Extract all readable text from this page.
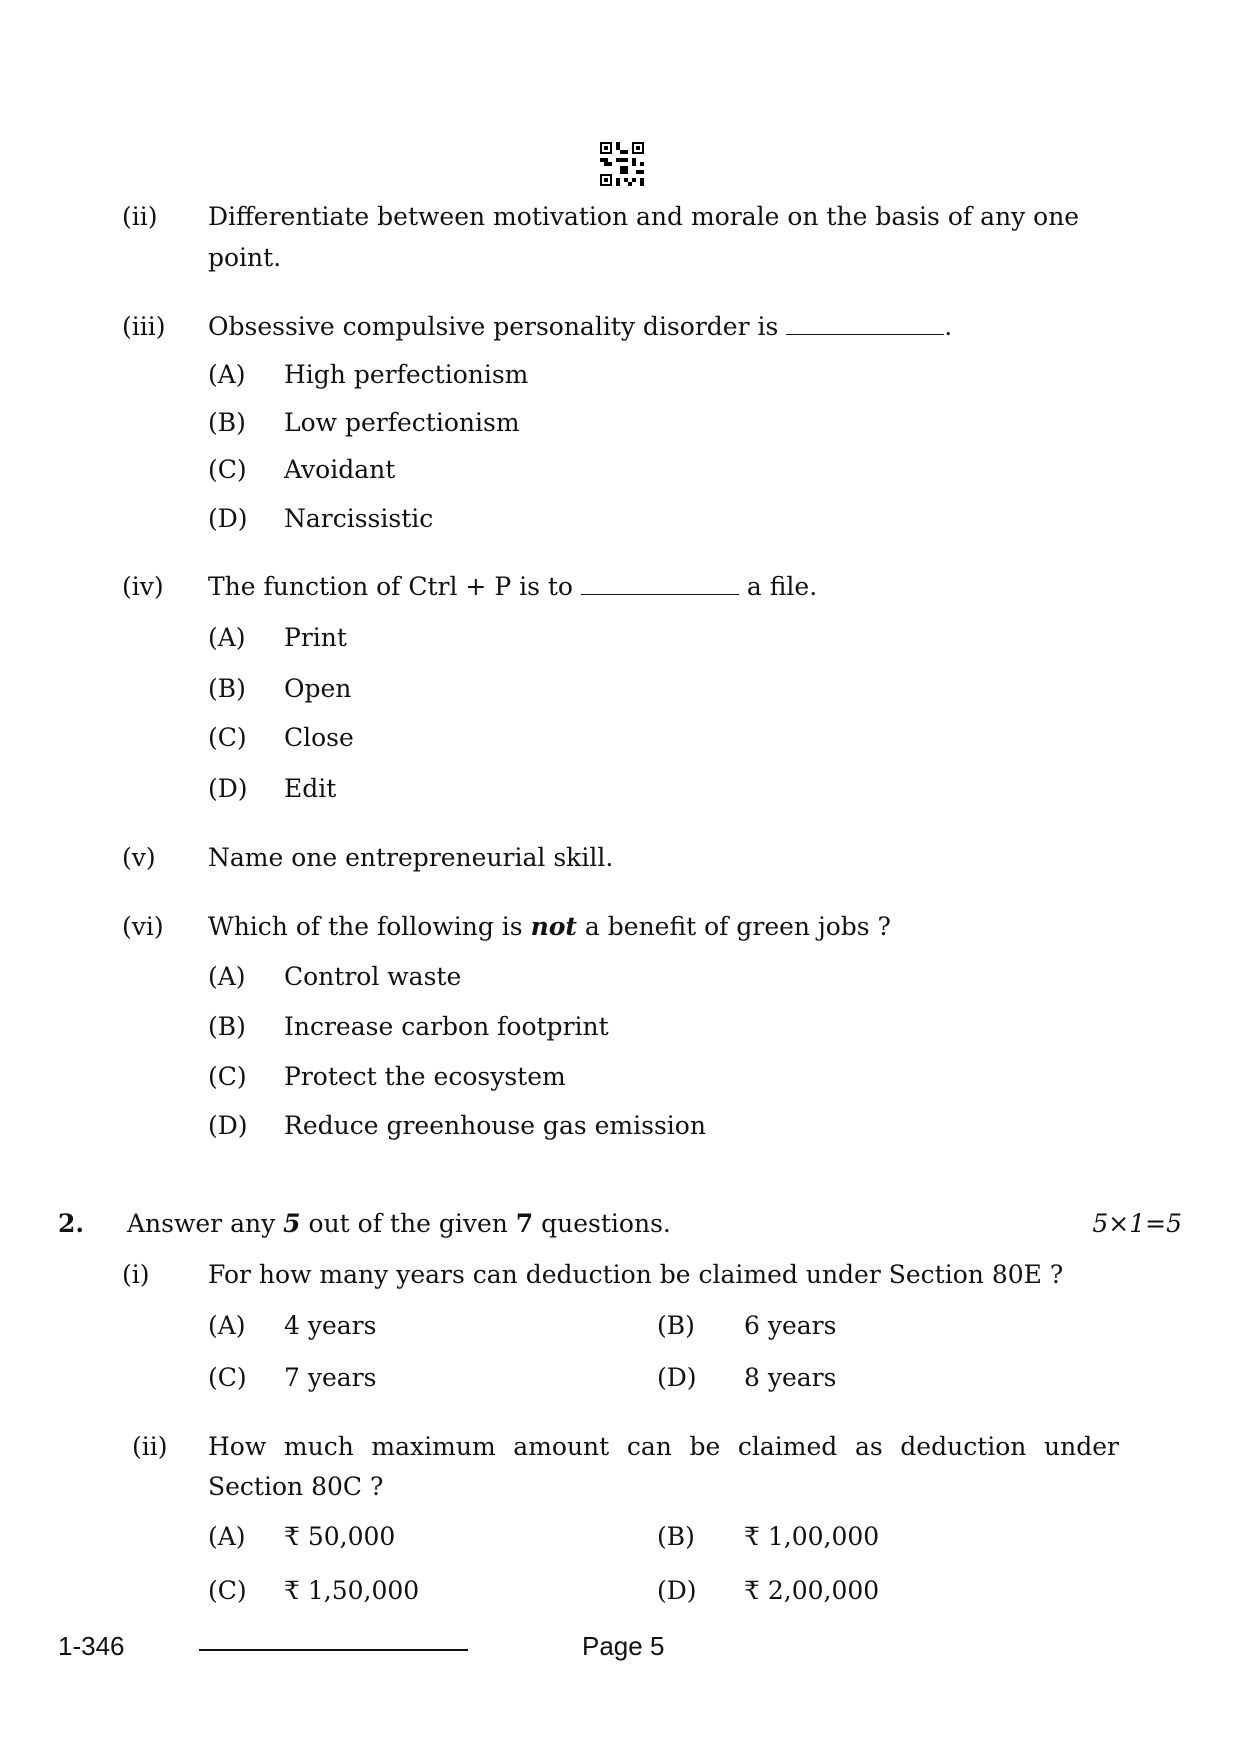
(ii) Differentiate between motivation and morale on the basis of any one
point.
(iii) Obsessive compulsive personality disorder is	.
(A) High perfectionism
(B) Low perfectionism
(C) Avoidant
(D) Narcissistic
(iv) The function of Ctrl + P is to	a file.
(A) Print
(B) Open
(C) Close
(D) Edit
(v) Name one entrepreneurial skill.
(vi) Which of the following is not a benefit of green jobs ?
(A) Control waste
(B) Increase carbon footprint
(C) Protect the ecosystem
(D) Reduce greenhouse gas emission
2. Answer any 5 out of the given 7 questions.	5×1=5
(i) For how many years can deduction be claimed under Section 80E ?
(A) 4 years	(B) 6 years
(C) 7 years	(D) 8 years
(ii) How much maximum amount can be claimed as deduction under
Section 80C ?
(A) ₹ 50,000	(B) ₹ 1,00,000
(C) ₹ 1,50,000	(D) ₹ 2,00,000
1-346	Page 5
